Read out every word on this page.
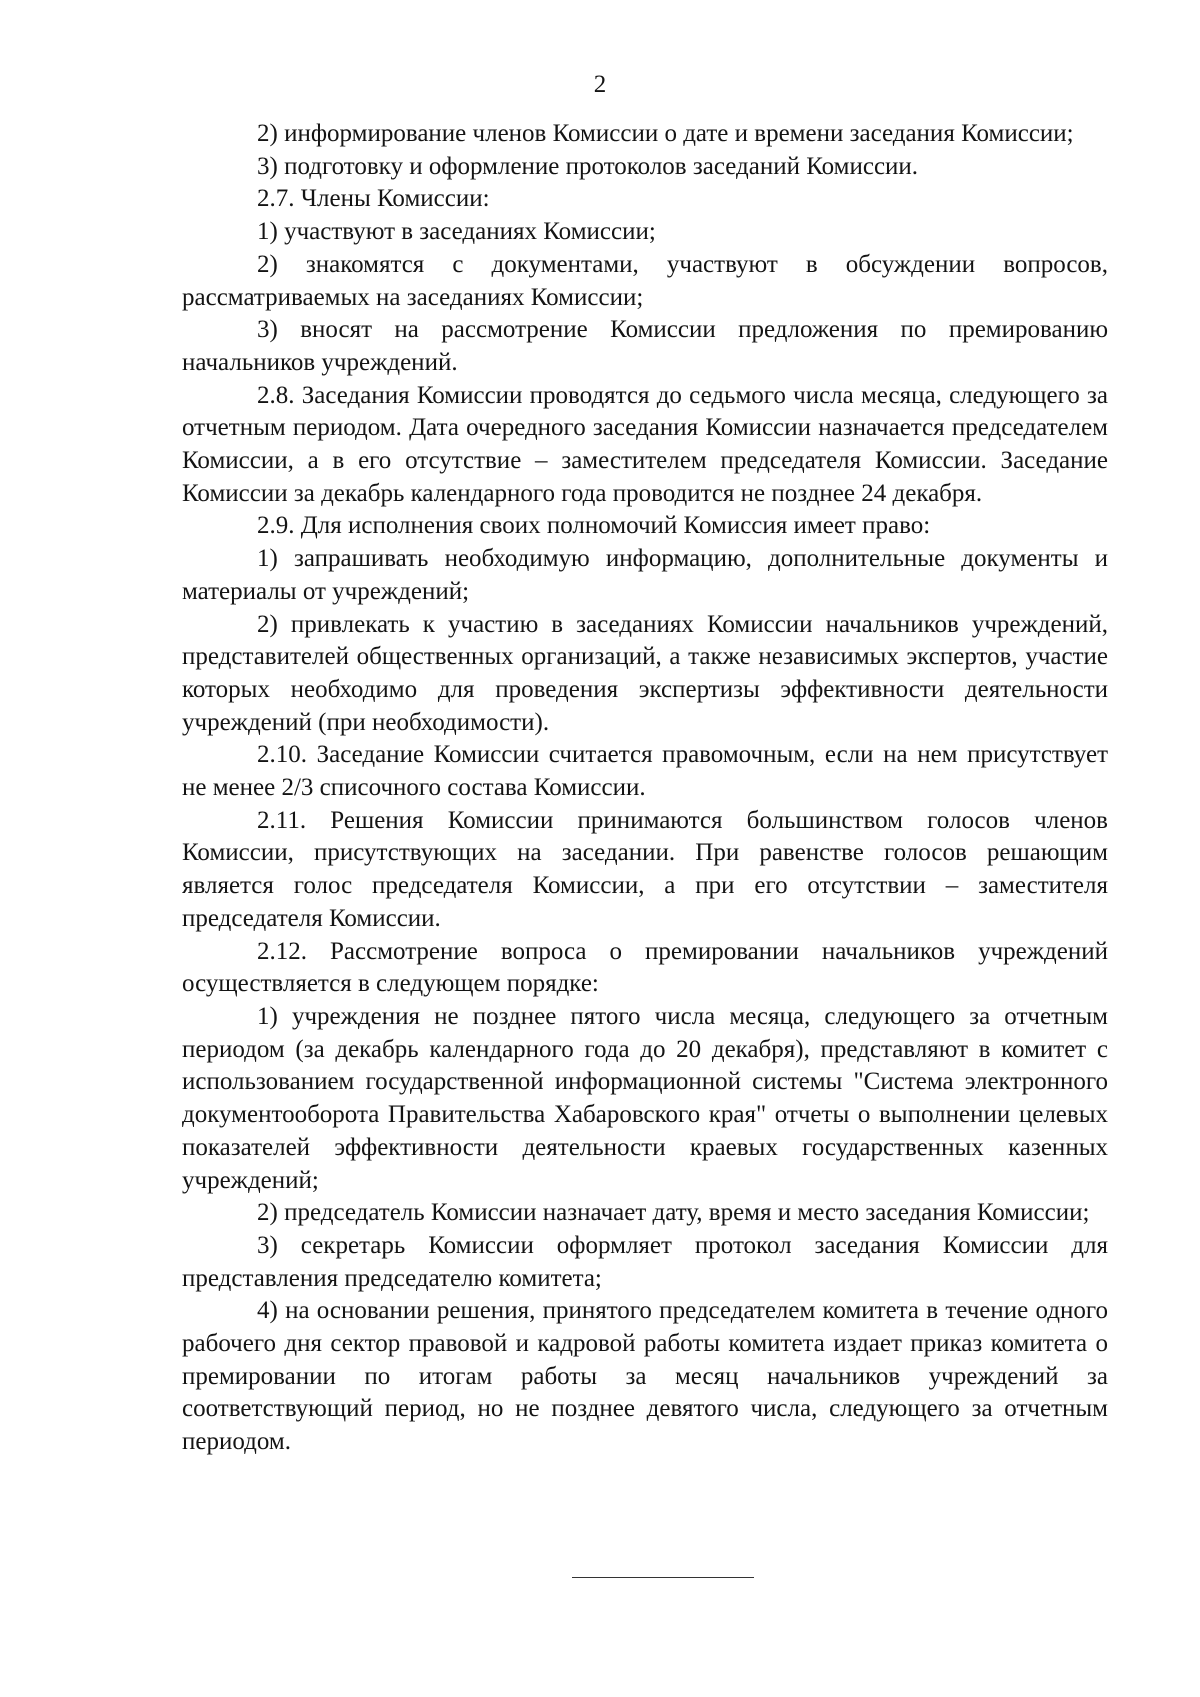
2

2) информирование членов Комиссии о дате и времени заседания Комиссии;

3) подготовку и оформление протоколов заседаний Комиссии.

2.7. Члены Комиссии:

1) участвуют в заседаниях Комиссии;

2) знакомятся с документами, участвуют в обсуждении вопросов, рассматриваемых на заседаниях Комиссии;

3) вносят на рассмотрение Комиссии предложения по премированию начальников учреждений.

2.8. Заседания Комиссии проводятся до седьмого числа месяца, следующего за отчетным периодом. Дата очередного заседания Комиссии назначается председателем Комиссии, а в его отсутствие – заместителем председателя Комиссии. Заседание Комиссии за декабрь календарного года проводится не позднее 24 декабря.

2.9. Для исполнения своих полномочий Комиссия имеет право:

1) запрашивать необходимую информацию, дополнительные документы и материалы от учреждений;

2) привлекать к участию в заседаниях Комиссии начальников учреждений, представителей общественных организаций, а также независимых экспертов, участие которых необходимо для проведения экспертизы эффективности деятельности учреждений (при необходимости).

2.10. Заседание Комиссии считается правомочным, если на нем присутствует не менее 2/3 списочного состава Комиссии.

2.11. Решения Комиссии принимаются большинством голосов членов Комиссии, присутствующих на заседании. При равенстве голосов решающим является голос председателя Комиссии, а при его отсутствии – заместителя председателя Комиссии.

2.12. Рассмотрение вопроса о премировании начальников учреждений осуществляется в следующем порядке:

1) учреждения не позднее пятого числа месяца, следующего за отчетным периодом (за декабрь календарного года до 20 декабря), представляют в комитет с использованием государственной информационной системы "Система электронного документооборота Правительства Хабаровского края" отчеты о выполнении целевых показателей эффективности деятельности краевых государственных казенных учреждений;

2) председатель Комиссии назначает дату, время и место заседания Комиссии;

3) секретарь Комиссии оформляет протокол заседания Комиссии для представления председателю комитета;

4) на основании решения, принятого председателем комитета в течение одного рабочего дня сектор правовой и кадровой работы комитета издает приказ комитета о премировании по итогам работы за месяц начальников учреждений за соответствующий период, но не позднее девятого числа, следующего за отчетным периодом.
